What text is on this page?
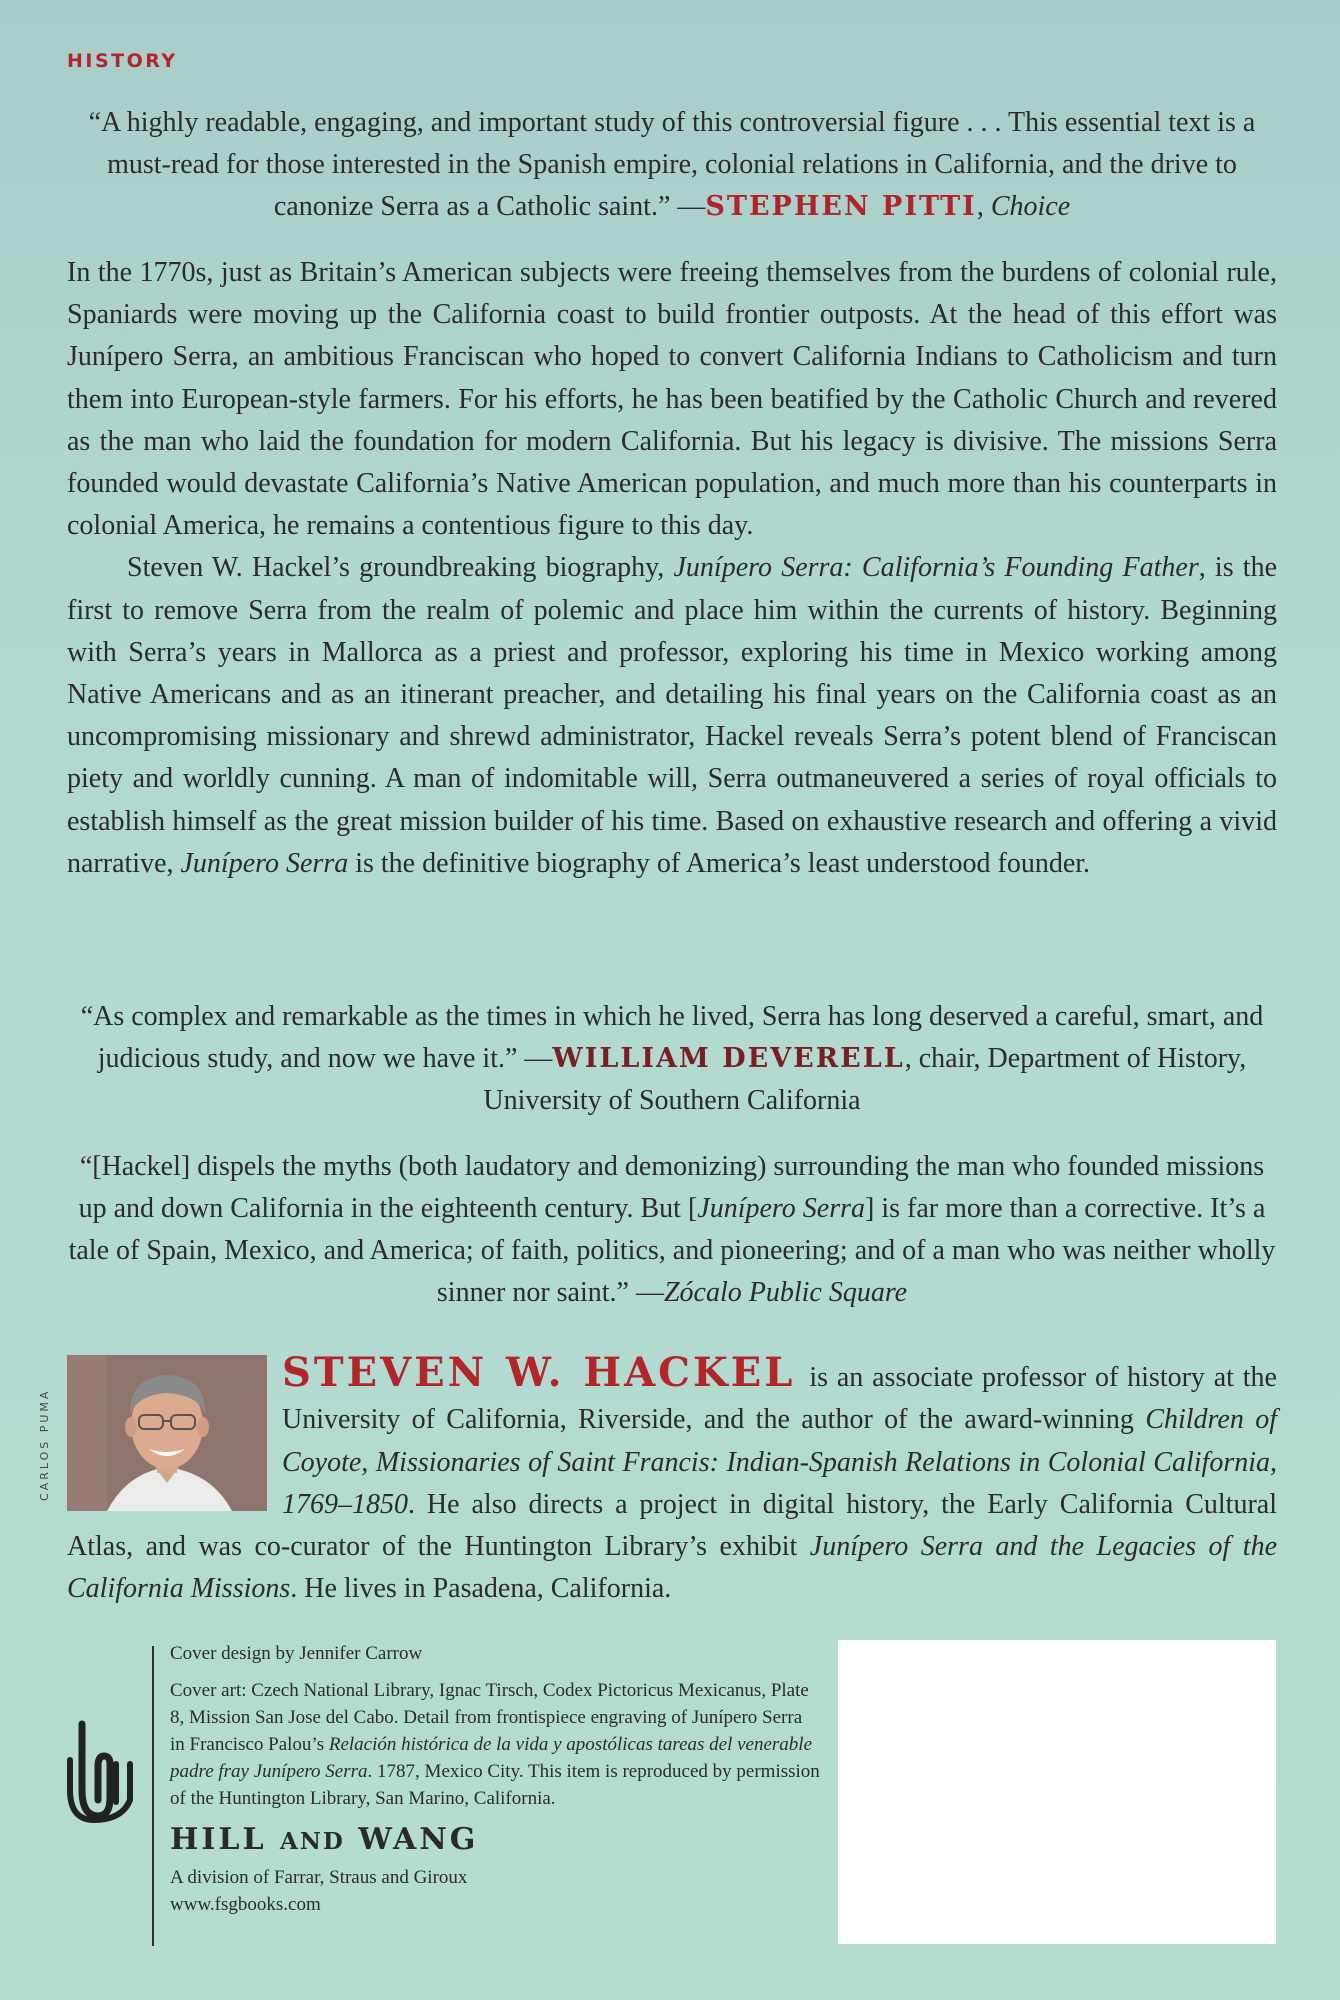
HISTORY
“A highly readable, engaging, and important study of this controversial figure . . . This essential text is a must-read for those interested in the Spanish empire, colonial relations in California, and the drive to canonize Serra as a Catholic saint.” —STEPHEN PITTI, Choice

In the 1770s, just as Britain’s American subjects were freeing themselves from the burdens of colonial rule, Spaniards were moving up the California coast to build frontier outposts. At the head of this effort was Junípero Serra, an ambitious Franciscan who hoped to convert California Indians to Catholicism and turn them into European-style farmers. For his efforts, he has been beatified by the Catholic Church and revered as the man who laid the foundation for modern California. But his legacy is divisive. The missions Serra founded would devastate California’s Native American population, and much more than his counterparts in colonial America, he remains a contentious figure to this day.

Steven W. Hackel’s groundbreaking biography, Junípero Serra: California’s Founding Father, is the first to remove Serra from the realm of polemic and place him within the currents of history. Beginning with Serra’s years in Mallorca as a priest and professor, exploring his time in Mexico working among Native Americans and as an itinerant preacher, and detailing his final years on the California coast as an uncompromising missionary and shrewd administrator, Hackel reveals Serra’s potent blend of Franciscan piety and worldly cunning. A man of indomitable will, Serra outmaneuvered a series of royal officials to establish himself as the great mission builder of his time. Based on exhaustive research and offering a vivid narrative, Junípero Serra is the definitive biography of America’s least understood founder.

“As complex and remarkable as the times in which he lived, Serra has long deserved a careful, smart, and judicious study, and now we have it.” —WILLIAM DEVERELL, chair, Department of History, University of Southern California
“[Hackel] dispels the myths (both laudatory and demonizing) surrounding the man who founded missions up and down California in the eighteenth century. But [Junípero Serra] is far more than a corrective. It’s a tale of Spain, Mexico, and America; of faith, politics, and pioneering; and of a man who was neither wholly sinner nor saint.” —Zócalo Public Square
CARLOS PUMA
STEVEN W. HACKEL is an associate professor of history at the University of California, Riverside, and the author of the award-winning Children of Coyote, Missionaries of Saint Francis: Indian-Spanish Relations in Colonial California, 1769–1850. He also directs a project in digital history, the Early California Cultural Atlas, and was co-curator of the Huntington Library’s exhibit Junípero Serra and the Legacies of the California Missions. He lives in Pasadena, California.

Cover design by Jennifer Carrow

Cover art: Czech National Library, Ignac Tirsch, Codex Pictoricus Mexicanus, Plate 8, Mission San Jose del Cabo. Detail from frontispiece engraving of Junípero Serra in Francisco Palou’s Relación histórica de la vida y apostólicas tareas del venerable padre fray Junípero Serra. 1787, Mexico City. This item is reproduced by permission of the Huntington Library, San Marino, California.

HILL AND WANG
A division of Farrar, Straus and Giroux
www.fsgbooks.com
